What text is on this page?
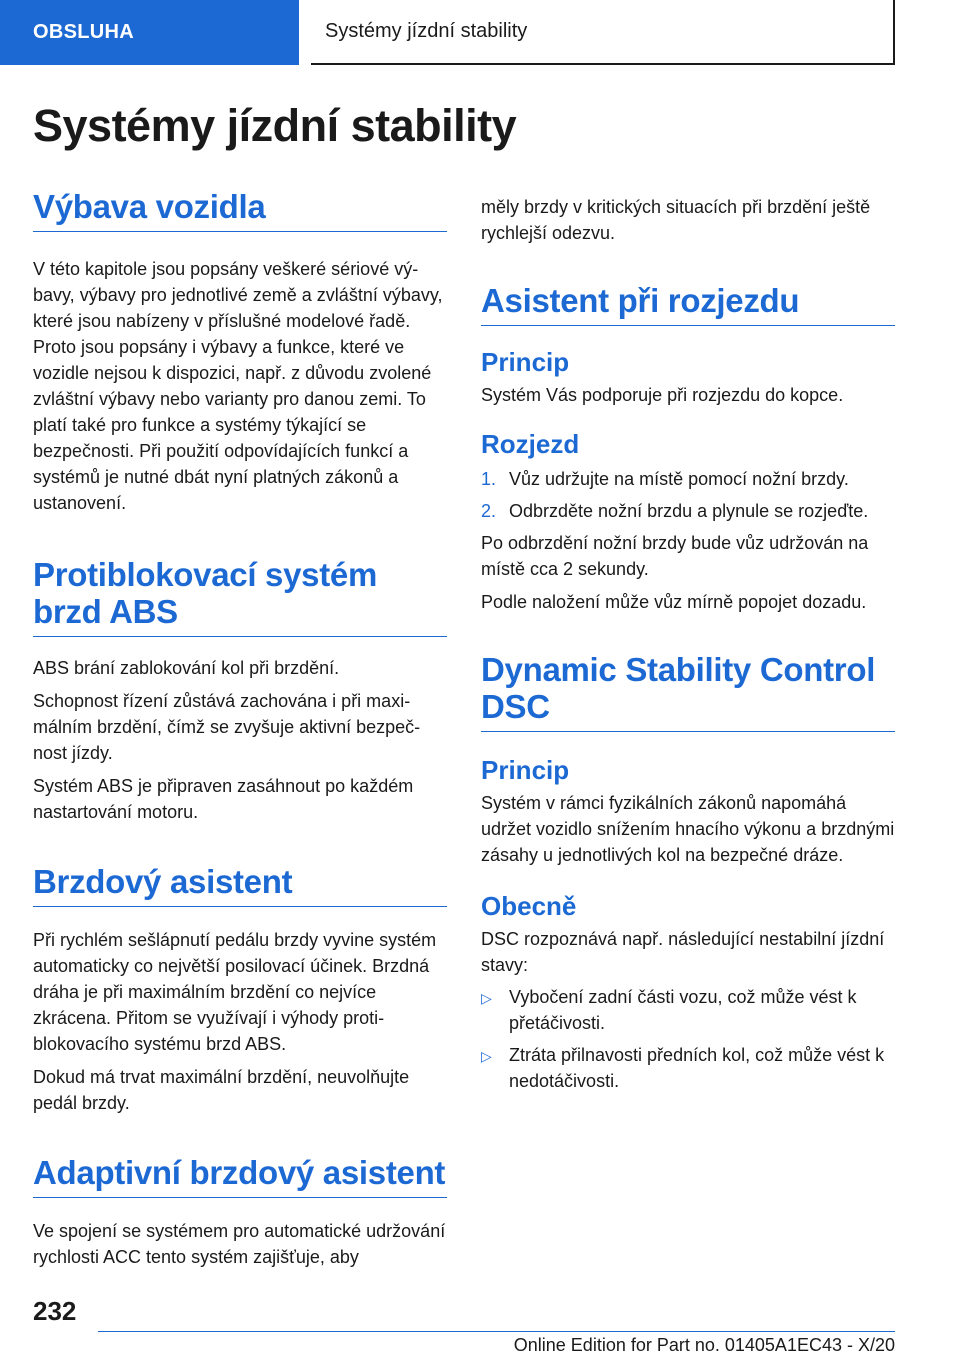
OBSLUHA	Systémy jízdní stability
Systémy jízdní stability
Výbava vozidla

V této kapitole jsou popsány veškeré sériové výbavy, výbavy pro jednotlivé země a zvláštní výbavy, které jsou nabízeny v příslušné modelové řadě. Proto jsou popsány i výbavy a funkce, které ve vozidle nejsou k dispozici, např. z důvodu zvolené zvláštní výbavy nebo varianty pro danou zemi. To platí také pro funkce a systémy týkající se bezpečnosti. Při použití odpovídajících funkcí a systémů je nutné dbát nyní platných zákonů a ustanovení.

Protiblokovací systém brzd ABS

ABS brání zablokování kol při brzdění.

Schopnost řízení zůstává zachována i při maximálním brzdění, čímž se zvyšuje aktivní bezpečnost jízdy.

Systém ABS je připraven zasáhnout po každém nastartování motoru.

Brzdový asistent

Při rychlém sešlápnutí pedálu brzdy vyvine systém automaticky co největší posilovací účinek. Brzdná dráha je při maximálním brzdění co nejvíce zkrácena. Přitom se využívají i výhody protiblokovacího systému brzd ABS.

Dokud má trvat maximální brzdění, neuvolňujte pedál brzdy.

Adaptivní brzdový asistent

Ve spojení se systémem pro automatické udržování rychlosti ACC tento systém zajišťuje, aby

měly brzdy v kritických situacích při brzdění ještě rychlejší odezvu.

Asistent při rozjezdu
Princip

Systém Vás podporuje při rozjezdu do kopce.

Rozjezd
1. Vůz udržujte na místě pomocí nožní brzdy.
2. Odbrzděte nožní brzdu a plynule se rozjeďte.

Po odbrzdění nožní brzdy bude vůz udržován na místě cca 2 sekundy.

Podle naložení může vůz mírně popojet dozadu.

Dynamic Stability Control DSC
Princip

Systém v rámci fyzikálních zákonů napomáhá udržet vozidlo snížením hnacího výkonu a brzdnými zásahy u jednotlivých kol na bezpečné dráze.

Obecně

DSC rozpoznává např. následující nestabilní jízdní stavy:

▷ Vybočení zadní části vozu, což může vést k přetáčivosti.
▷ Ztráta přilnavosti předních kol, což může vést k nedotáčivosti.
232
Online Edition for Part no. 01405A1EC43 - X/20
